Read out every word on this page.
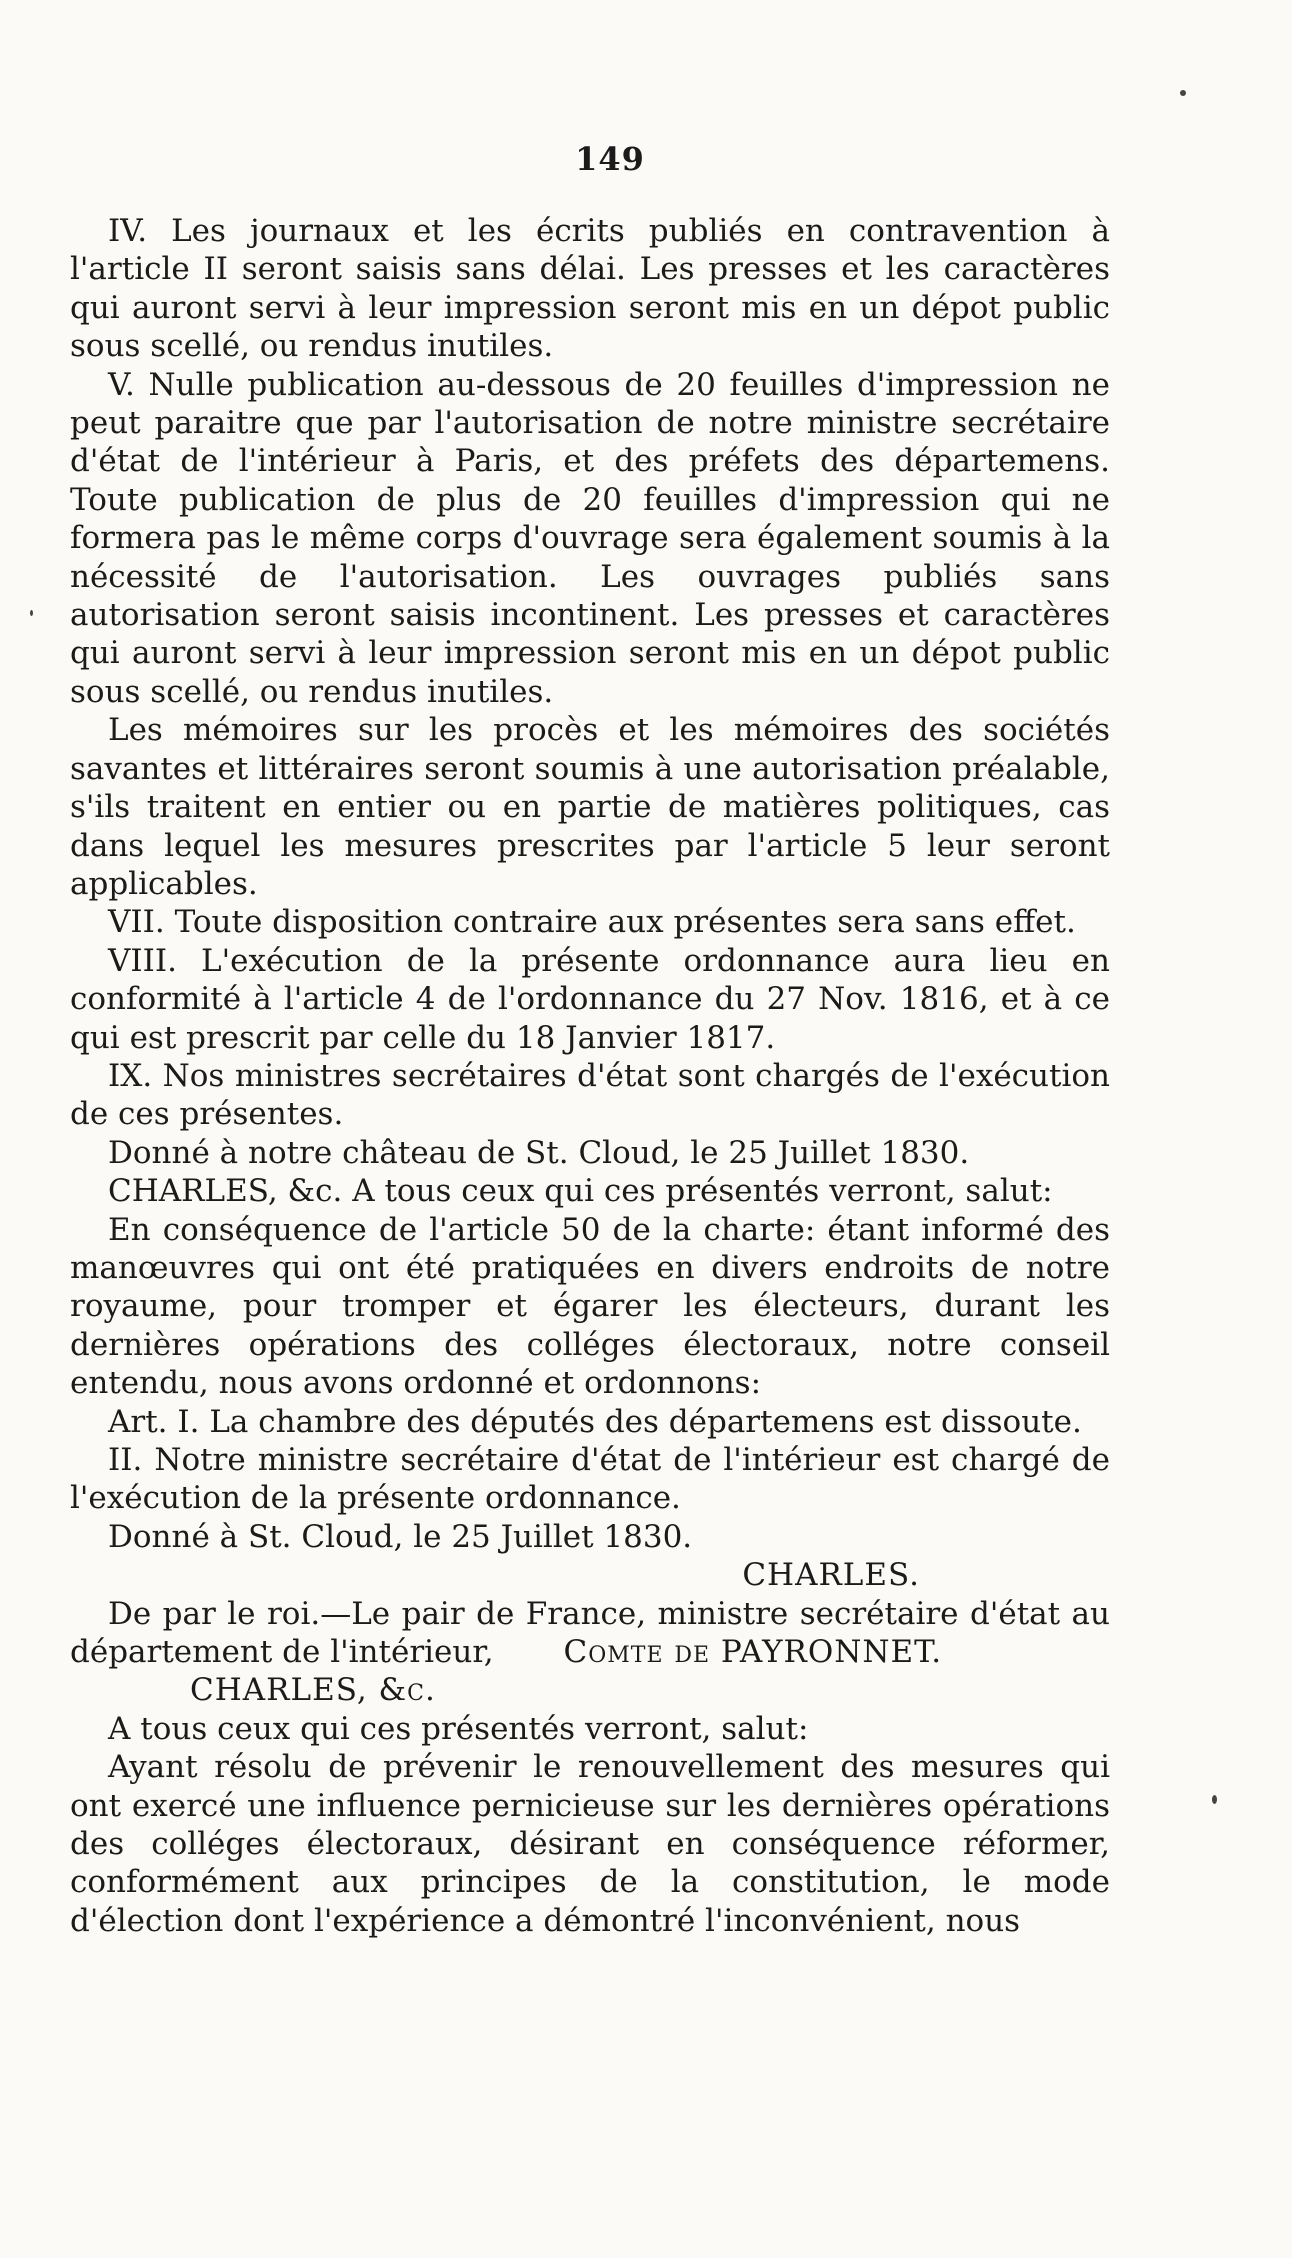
149

IV. Les journaux et les écrits publiés en contravention à l'article II seront saisis sans délai. Les presses et les caractères qui auront servi à leur impression seront mis en un dépot public sous scellé, ou rendus inutiles.

V. Nulle publication au-dessous de 20 feuilles d'impression ne peut paraitre que par l'autorisation de notre ministre secrétaire d'état de l'intérieur à Paris, et des préfets des départemens. Toute publication de plus de 20 feuilles d'impression qui ne formera pas le même corps d'ouvrage sera également soumis à la nécessité de l'autorisation. Les ouvrages publiés sans autorisation seront saisis incontinent. Les presses et caractères qui auront servi à leur impression seront mis en un dépot public sous scellé, ou rendus inutiles.

Les mémoires sur les procès et les mémoires des sociétés savantes et littéraires seront soumis à une autorisation préalable, s'ils traitent en entier ou en partie de matières politiques, cas dans lequel les mesures prescrites par l'article 5 leur seront applicables.

VII. Toute disposition contraire aux présentes sera sans effet.

VIII. L'exécution de la présente ordonnance aura lieu en conformité à l'article 4 de l'ordonnance du 27 Nov. 1816, et à ce qui est prescrit par celle du 18 Janvier 1817.

IX. Nos ministres secrétaires d'état sont chargés de l'exécution de ces présentes.

Donné à notre château de St. Cloud, le 25 Juillet 1830.

CHARLES, &c. A tous ceux qui ces présentés verront, salut:

En conséquence de l'article 50 de la charte: étant informé des manœuvres qui ont été pratiquées en divers endroits de notre royaume, pour tromper et égarer les électeurs, durant les dernières opérations des colléges électoraux, notre conseil entendu, nous avons ordonné et ordonnons:

Art. I. La chambre des députés des départemens est dissoute.

II. Notre ministre secrétaire d'état de l'intérieur est chargé de l'exécution de la présente ordonnance.

Donné à St. Cloud, le 25 Juillet 1830.

CHARLES.

De par le roi.—Le pair de France, ministre secrétaire d'état au département de l'intérieur, Comte de PAYRONNET.

CHARLES, &c.

A tous ceux qui ces présentés verront, salut:

Ayant résolu de prévenir le renouvellement des mesures qui ont exercé une influence pernicieuse sur les dernières opérations des colléges électoraux, désirant en conséquence réformer, conformément aux principes de la constitution, le mode d'élection dont l'expérience a démontré l'inconvénient, nous
